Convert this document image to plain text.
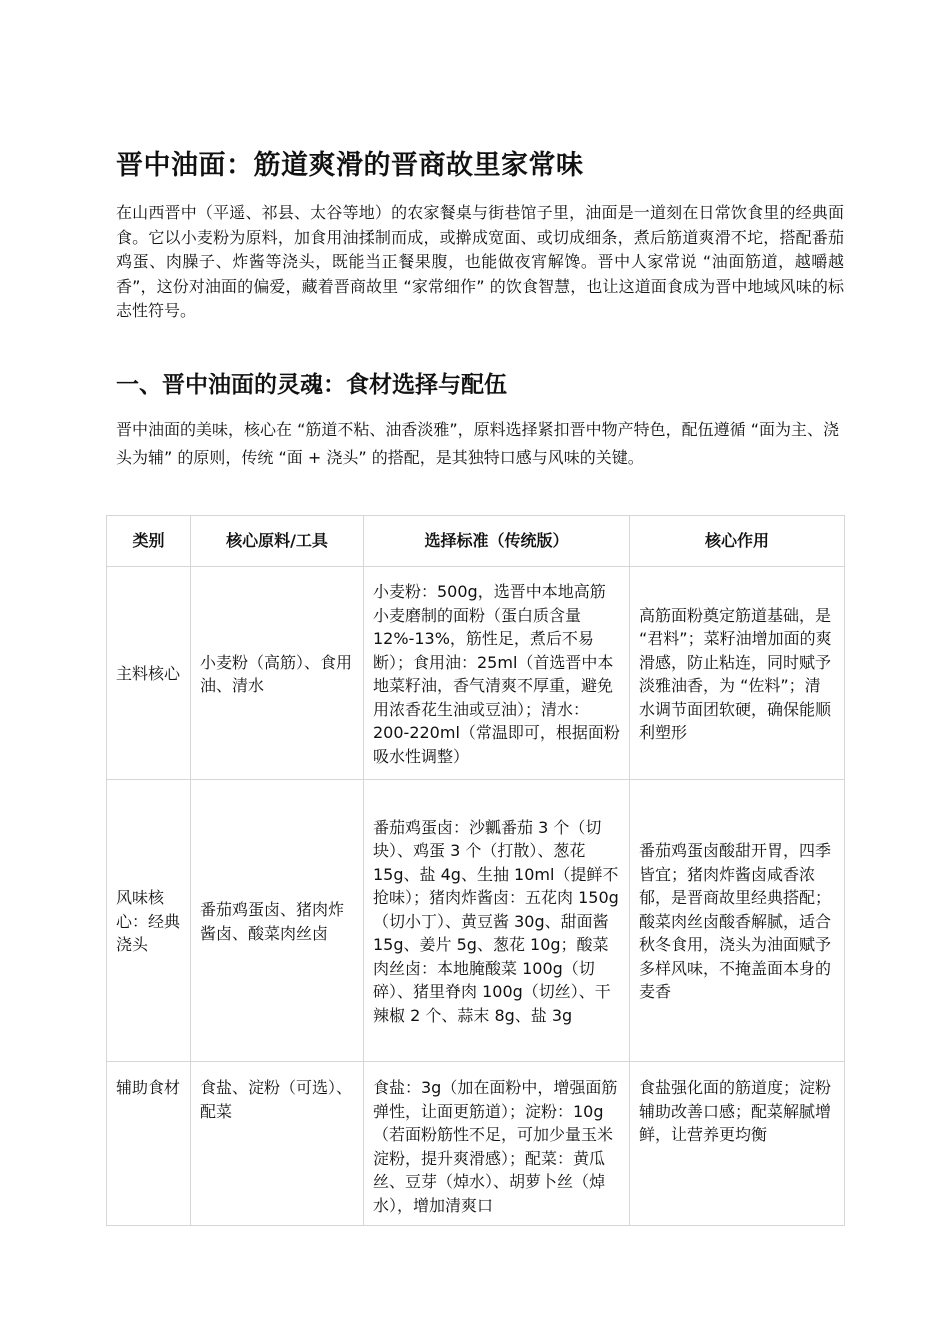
晋中油面：筋道爽滑的晋商故里家常味

在山西晋中（平遥、祁县、太谷等地）的农家餐桌与街巷馆子里，油面是一道刻在日常饮食里的经典面食。它以小麦粉为原料，加食用油揉制而成，或擀成宽面、或切成细条，煮后筋道爽滑不坨，搭配番茄鸡蛋、肉臊子、炸酱等浇头，既能当正餐果腹，也能做夜宵解馋。晋中人家常说 “油面筋道，越嚼越香”，这份对油面的偏爱，藏着晋商故里 “家常细作” 的饮食智慧，也让这道面食成为晋中地域风味的标志性符号。

一、晋中油面的灵魂：食材选择与配伍

晋中油面的美味，核心在 “筋道不粘、油香淡雅”，原料选择紧扣晋中物产特色，配伍遵循 “面为主、浇头为辅” 的原则，传统 “面 + 浇头” 的搭配，是其独特口感与风味的关键。

类别	核心原料/工具	选择标准（传统版）	核心作用
主料核心	小麦粉（高筋）、食用油、清水	小麦粉：500g，选晋中本地高筋小麦磨制的面粉（蛋白质含量 12%-13%，筋性足，煮后不易断）；食用油：25ml（首选晋中本地菜籽油，香气清爽不厚重，避免用浓香花生油或豆油）；清水：200-220ml（常温即可，根据面粉吸水性调整）	高筋面粉奠定筋道基础，是 “君料”；菜籽油增加面的爽滑感，防止粘连，同时赋予淡雅油香，为 “佐料”；清水调节面团软硬，确保能顺利塑形
风味核心：经典浇头	番茄鸡蛋卤、猪肉炸酱卤、酸菜肉丝卤	番茄鸡蛋卤：沙瓤番茄 3 个（切块）、鸡蛋 3 个（打散）、葱花 15g、盐 4g、生抽 10ml（提鲜不抢味）；猪肉炸酱卤：五花肉 150g（切小丁）、黄豆酱 30g、甜面酱 15g、姜片 5g、葱花 10g；酸菜肉丝卤：本地腌酸菜 100g（切碎）、猪里脊肉 100g（切丝）、干辣椒 2 个、蒜末 8g、盐 3g	番茄鸡蛋卤酸甜开胃，四季皆宜；猪肉炸酱卤咸香浓郁，是晋商故里经典搭配；酸菜肉丝卤酸香解腻，适合秋冬食用，浇头为油面赋予多样风味，不掩盖面本身的麦香
辅助食材	食盐、淀粉（可选）、配菜	食盐：3g（加在面粉中，增强面筋弹性，让面更筋道）；淀粉：10g（若面粉筋性不足，可加少量玉米淀粉，提升爽滑感）；配菜：黄瓜丝、豆芽（焯水）、胡萝卜丝（焯水），增加清爽口	食盐强化面的筋道度；淀粉辅助改善口感；配菜解腻增鲜，让营养更均衡
